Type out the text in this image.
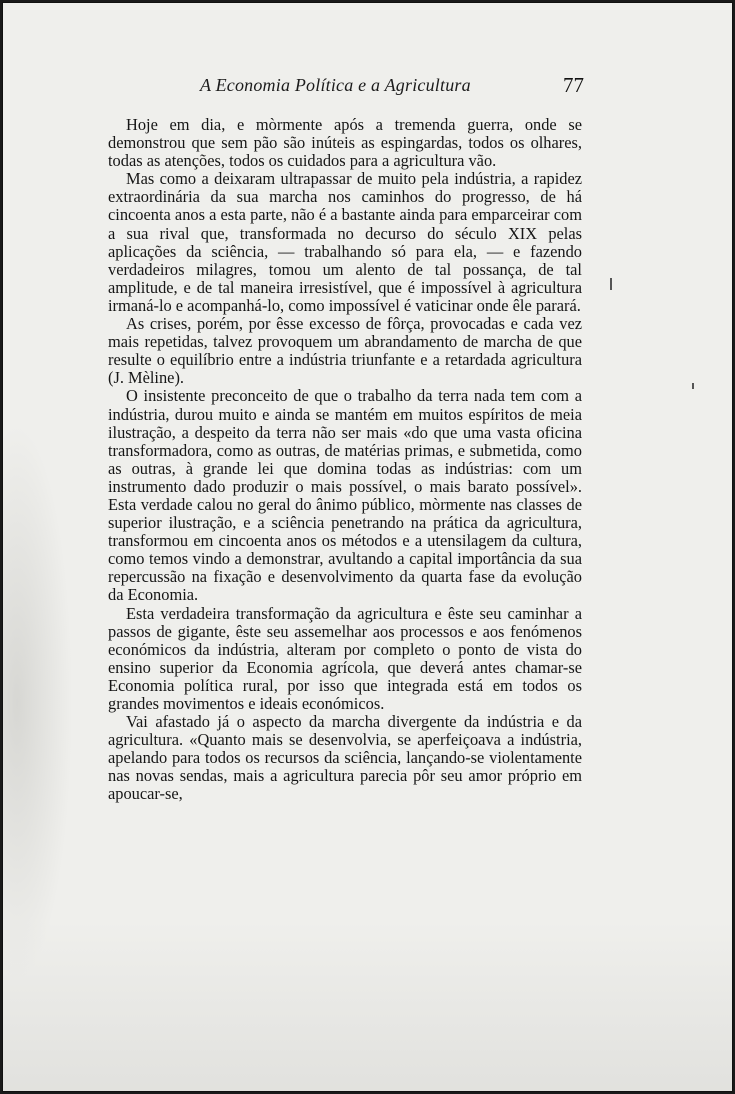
A Economia Política e a Agricultura	77

Hoje em dia, e mòrmente após a tremenda guerra, onde se demonstrou que sem pão são inúteis as espingardas, todos os olhares, todas as atenções, todos os cuidados para a agricultura vão.

Mas como a deixaram ultrapassar de muito pela indústria, a rapidez extraordinária da sua marcha nos caminhos do progresso, de há cincoenta anos a esta parte, não é a bastante ainda para emparceirar com a sua rival que, transformada no decurso do século XIX pelas aplicações da sciência, — trabalhando só para ela, — e fazendo verdadeiros milagres, tomou um alento de tal possança, de tal amplitude, e de tal maneira irresistível, que é impossível à agricultura irmaná-lo e acompanhá-lo, como impossível é vaticinar onde êle parará.

As crises, porém, por êsse excesso de fôrça, provocadas e cada vez mais repetidas, talvez provoquem um abrandamento de marcha de que resulte o equilíbrio entre a indústria triunfante e a retardada agricultura (J. Mèline).

O insistente preconceito de que o trabalho da terra nada tem com a indústria, durou muito e ainda se mantém em muitos espíritos de meia ilustração, a despeito da terra não ser mais «do que uma vasta oficina transformadora, como as outras, de matérias primas, e submetida, como as outras, à grande lei que domina todas as indústrias: com um instrumento dado produzir o mais possível, o mais barato possível». Esta verdade calou no geral do ânimo público, mòrmente nas classes de superior ilustração, e a sciência penetrando na prática da agricultura, transformou em cincoenta anos os métodos e a utensilagem da cultura, como temos vindo a demonstrar, avultando a capital importância da sua repercussão na fixação e desenvolvimento da quarta fase da evolução da Economia.

Esta verdadeira transformação da agricultura e êste seu caminhar a passos de gigante, êste seu assemelhar aos processos e aos fenómenos económicos da indústria, alteram por completo o ponto de vista do ensino superior da Economia agrícola, que deverá antes chamar-se Economia política rural, por isso que integrada está em todos os grandes movimentos e ideais económicos.

Vai afastado já o aspecto da marcha divergente da indústria e da agricultura. «Quanto mais se desenvolvia, se aperfeiçoava a indústria, apelando para todos os recursos da sciência, lançando-se violentamente nas novas sendas, mais a agricultura parecia pôr seu amor próprio em apoucar-se,
